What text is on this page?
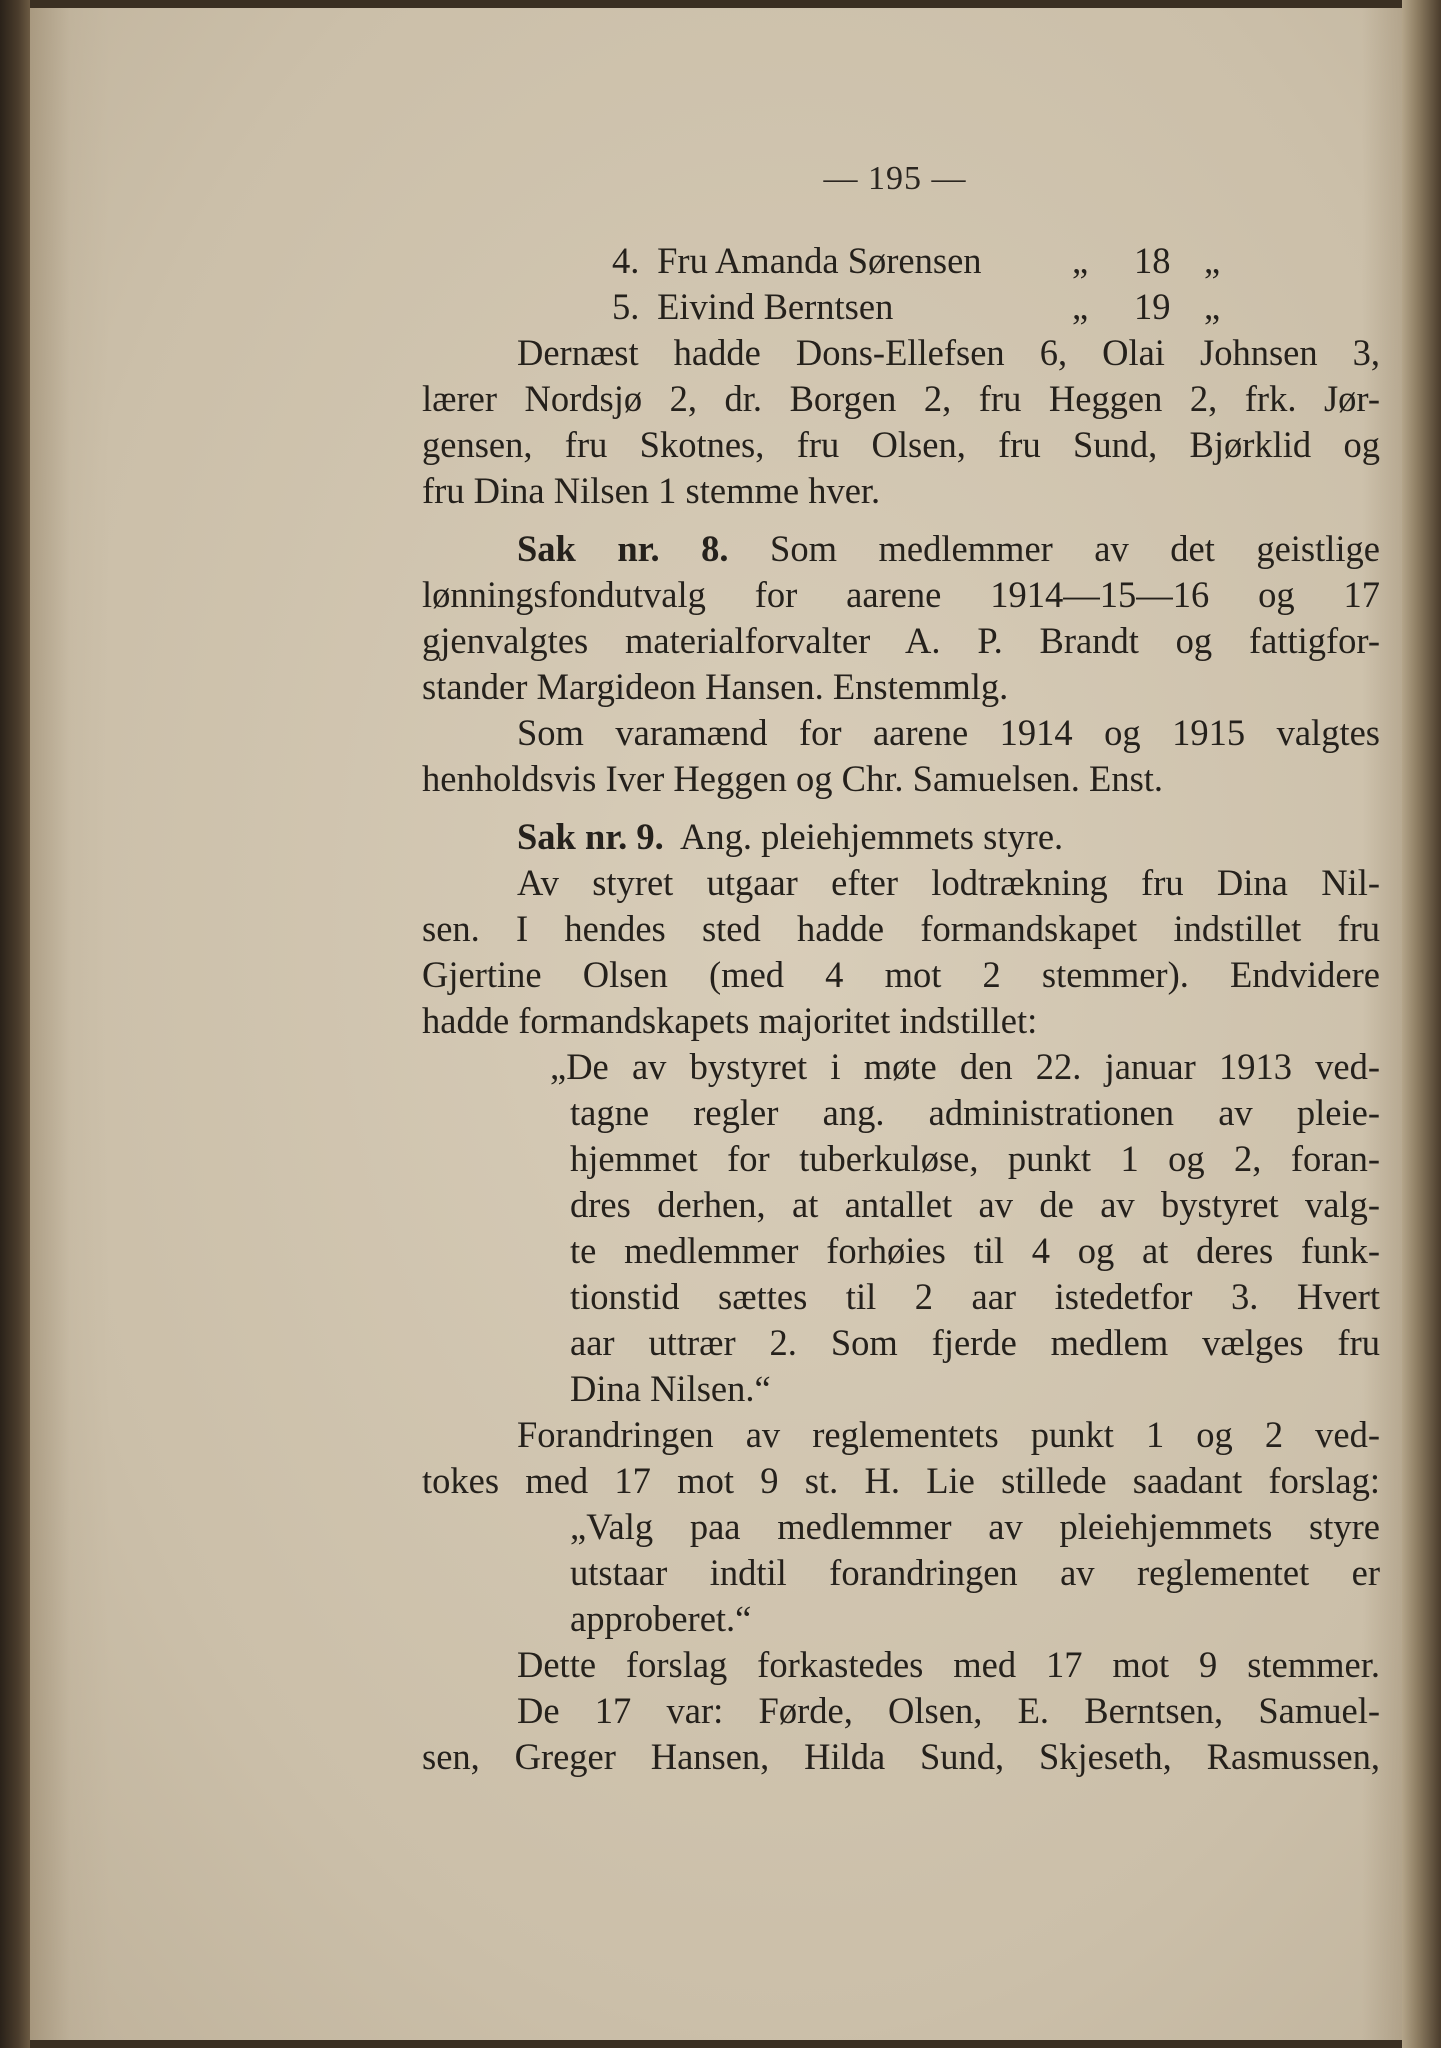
— 195 —
4. Fru Amanda Sørensen „ 18 „
5. Eivind Berntsen	„ 19 „
Dernæst hadde Dons-Ellefsen 6, Olai Johnsen 3,
lærer Nordsjø 2, dr. Borgen 2, fru Heggen 2, frk. Jør-
gensen, fru Skotnes, fru Olsen, fru Sund, Bjørklid og
fru Dina Nilsen 1 stemme hver.
Sak nr. 8. Som medlemmer av det geistlige
lønningsfondutvalg for aarene 1914—15—16 og 17
gjenvalgtes materialforvalter A. P. Brandt og fattigfor-
stander Margideon Hansen. Enstemmlg.
Som varamænd for aarene 1914 og 1915 valgtes
henholdsvis Iver Heggen og Chr. Samuelsen. Enst.
Sak nr. 9. Ang. pleiehjemmets styre.
Av styret utgaar efter lodtrækning fru Dina Nil-
sen. I hendes sted hadde formandskapet indstillet fru
Gjertine Olsen (med 4 mot 2 stemmer). Endvidere
hadde formandskapets majoritet indstillet:
„De av bystyret i møte den 22. januar 1913 ved-
tagne regler ang. administrationen av pleie-
hjemmet for tuberkuløse, punkt 1 og 2, foran-
dres derhen, at antallet av de av bystyret valg-
te medlemmer forhøies til 4 og at deres funk-
tionstid sættes til 2 aar istedetfor 3. Hvert
aar uttrær 2. Som fjerde medlem vælges fru
Dina Nilsen.“
Forandringen av reglementets punkt 1 og 2 ved-
tokes med 17 mot 9 st. H. Lie stillede saadant forslag:
„Valg paa medlemmer av pleiehjemmets styre
utstaar indtil forandringen av reglementet er
approberet.“
Dette forslag forkastedes med 17 mot 9 stemmer.
De 17 var: Førde, Olsen, E. Berntsen, Samuel-
sen, Greger Hansen, Hilda Sund, Skjeseth, Rasmussen,
